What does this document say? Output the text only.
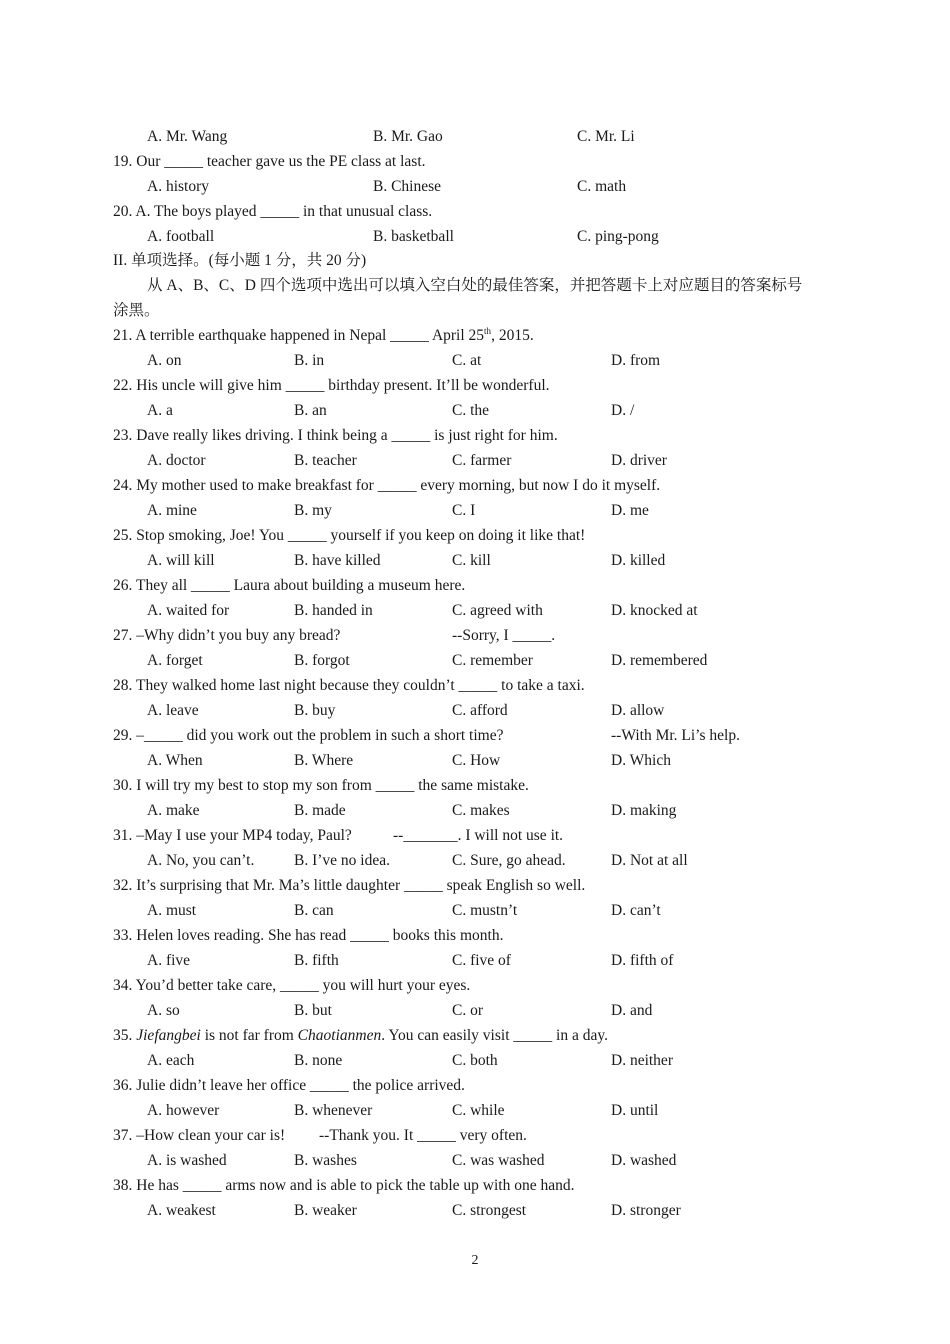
A. Mr. Wang	B. Mr. Gao	C. Mr. Li
19. Our _____ teacher gave us the PE class at last.
A. history	B. Chinese	C. math
20. A. The boys played _____ in that unusual class.
A. football	B. basketball	C. ping-pong
II. 单项选择。(每小题 1 分，共 20 分)
从 A、B、C、D 四个选项中选出可以填入空白处的最佳答案，并把答题卡上对应题目的答案标号
涂黑。
21. A terrible earthquake happened in Nepal _____ April 25th, 2015.
A. on	B. in	C. at	D. from
22. His uncle will give him _____ birthday present. It’ll be wonderful.
A. a	B. an	C. the	D. /
23. Dave really likes driving. I think being a _____ is just right for him.
A. doctor	B. teacher	C. farmer	D. driver
24. My mother used to make breakfast for _____ every morning, but now I do it myself.
A. mine	B. my	C. I	D. me
25. Stop smoking, Joe! You _____ yourself if you keep on doing it like that!
A. will kill	B. have killed	C. kill	D. killed
26. They all _____ Laura about building a museum here.
A. waited for	B. handed in	C. agreed with	D. knocked at
27. –Why didn’t you buy any bread?	--Sorry, I _____.
A. forget	B. forgot	C. remember	D. remembered
28. They walked home last night because they couldn’t _____ to take a taxi.
A. leave	B. buy	C. afford	D. allow
29. –_____ did you work out the problem in such a short time?	--With Mr. Li’s help.
A. When	B. Where	C. How	D. Which
30. I will try my best to stop my son from _____ the same mistake.
A. make	B. made	C. makes	D. making
31. –May I use your MP4 today, Paul?	--_______. I will not use it.
A. No, you can’t.	B. I’ve no idea.	C. Sure, go ahead.	D. Not at all
32. It’s surprising that Mr. Ma’s little daughter _____ speak English so well.
A. must	B. can	C. mustn’t	D. can’t
33. Helen loves reading. She has read _____ books this month.
A. five	B. fifth	C. five of	D. fifth of
34. You’d better take care, _____ you will hurt your eyes.
A. so	B. but	C. or	D. and
35. Jiefangbei is not far from Chaotianmen. You can easily visit _____ in a day.
A. each	B. none	C. both	D. neither
36. Julie didn’t leave her office _____ the police arrived.
A. however	B. whenever	C. while	D. until
37. –How clean your car is! --Thank you. It _____ very often.
A. is washed	B. washes	C. was washed	D. washed
38. He has _____ arms now and is able to pick the table up with one hand.
A. weakest	B. weaker	C. strongest	D. stronger
2
